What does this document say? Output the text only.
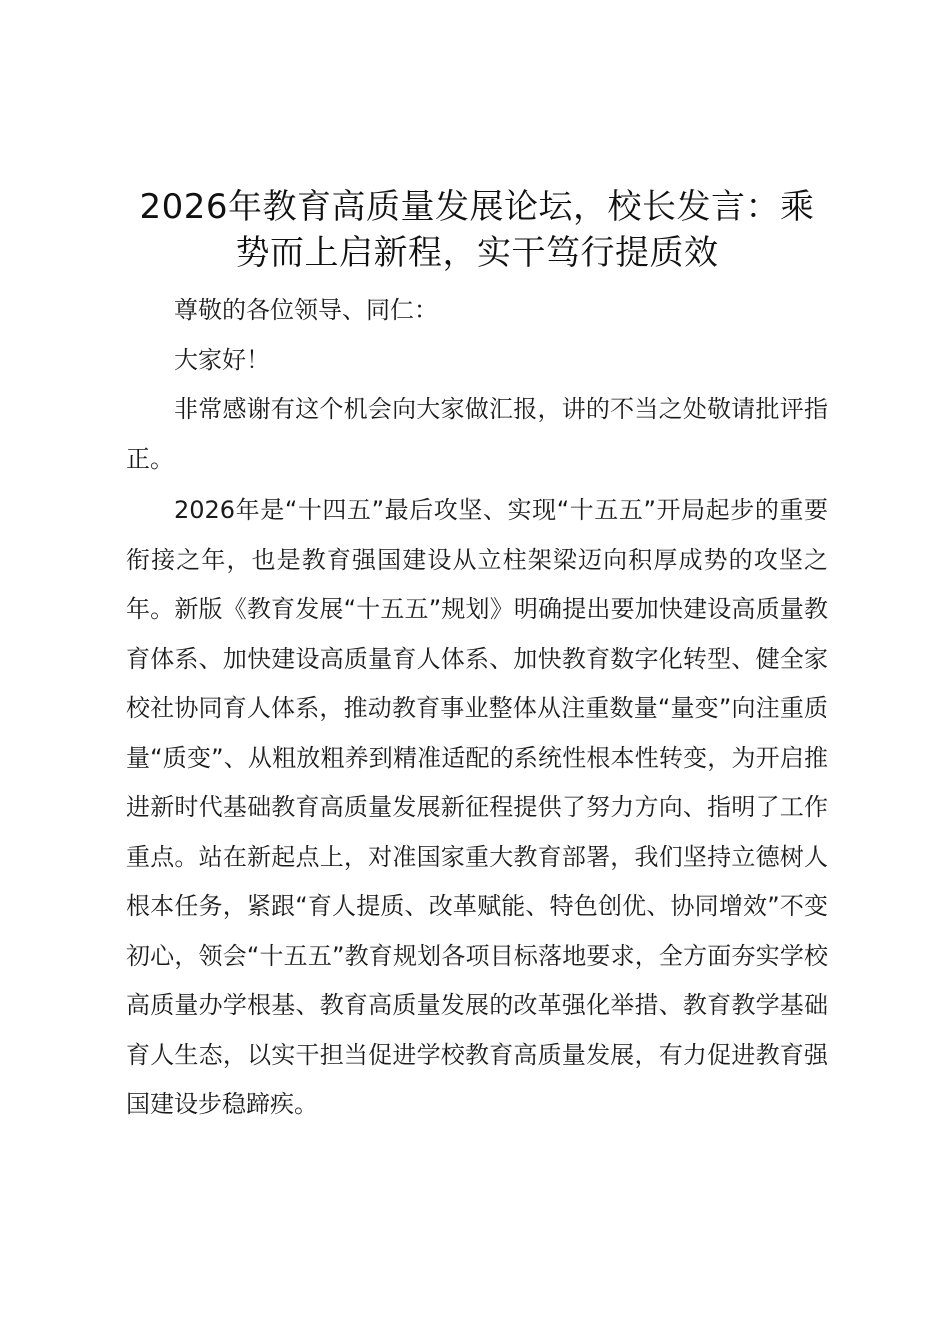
2026年教育高质量发展论坛，校长发言：乘势而上启新程，实干笃行提质效

尊敬的各位领导、同仁：

大家好！

非常感谢有这个机会向大家做汇报，讲的不当之处敬请批评指正。

2026年是“十四五”最后攻坚、实现“十五五”开局起步的重要衔接之年，也是教育强国建设从立柱架梁迈向积厚成势的攻坚之年。新版《教育发展“十五五”规划》明确提出要加快建设高质量教育体系、加快建设高质量育人体系、加快教育数字化转型、健全家校社协同育人体系，推动教育事业整体从注重数量“量变”向注重质量“质变”、从粗放粗养到精准适配的系统性根本性转变，为开启推进新时代基础教育高质量发展新征程提供了努力方向、指明了工作重点。站在新起点上，对准国家重大教育部署，我们坚持立德树人根本任务，紧跟“育人提质、改革赋能、特色创优、协同增效”不变初心，领会“十五五”教育规划各项目标落地要求，全方面夯实学校高质量办学根基、教育高质量发展的改革强化举措、教育教学基础育人生态，以实干担当促进学校教育高质量发展，有力促进教育强国建设步稳蹄疾。
